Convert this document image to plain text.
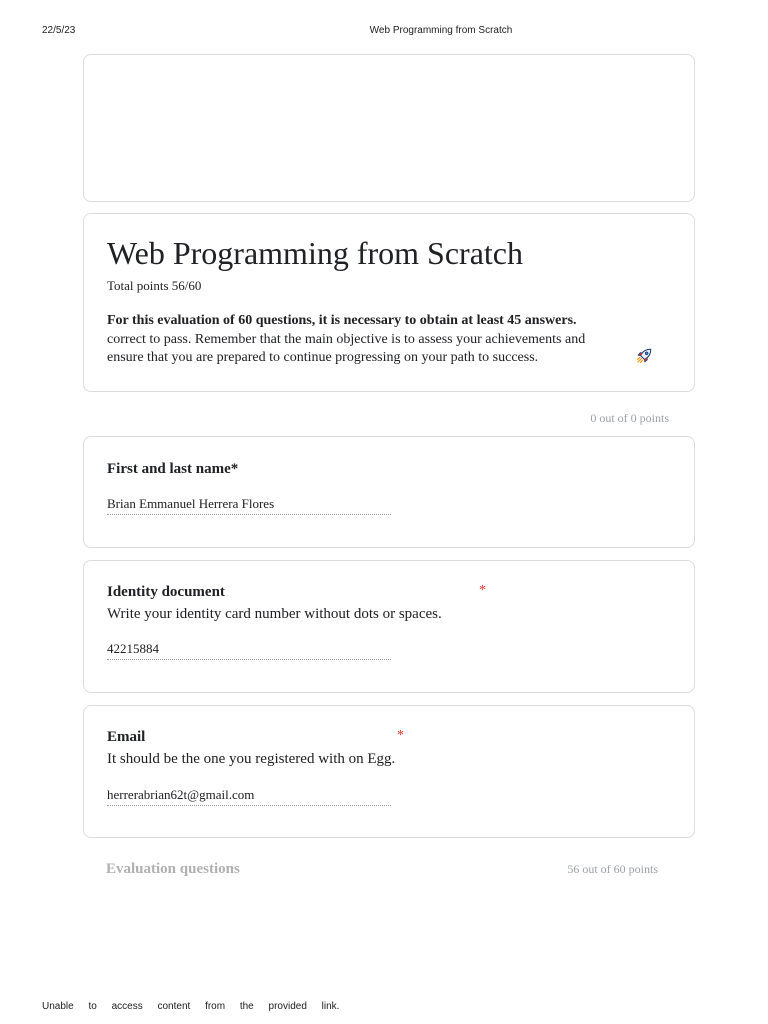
22/5/23	Web Programming from Scratch
Web Programming from Scratch
Total points 56/60
For this evaluation of 60 questions, it is necessary to obtain at least 45 answers.
correct to pass. Remember that the main objective is to assess your achievements and ensure that you are prepared to continue progressing on your path to success.
0 out of 0 points
First and last name*
Brian Emmanuel Herrera Flores
Identity document	*
Write your identity card number without dots or spaces.
42215884
Email	*
It should be the one you registered with on Egg.
herrerabrian62t@gmail.com
Evaluation questions	56 out of 60 points
Unable to access content from the provided link.
